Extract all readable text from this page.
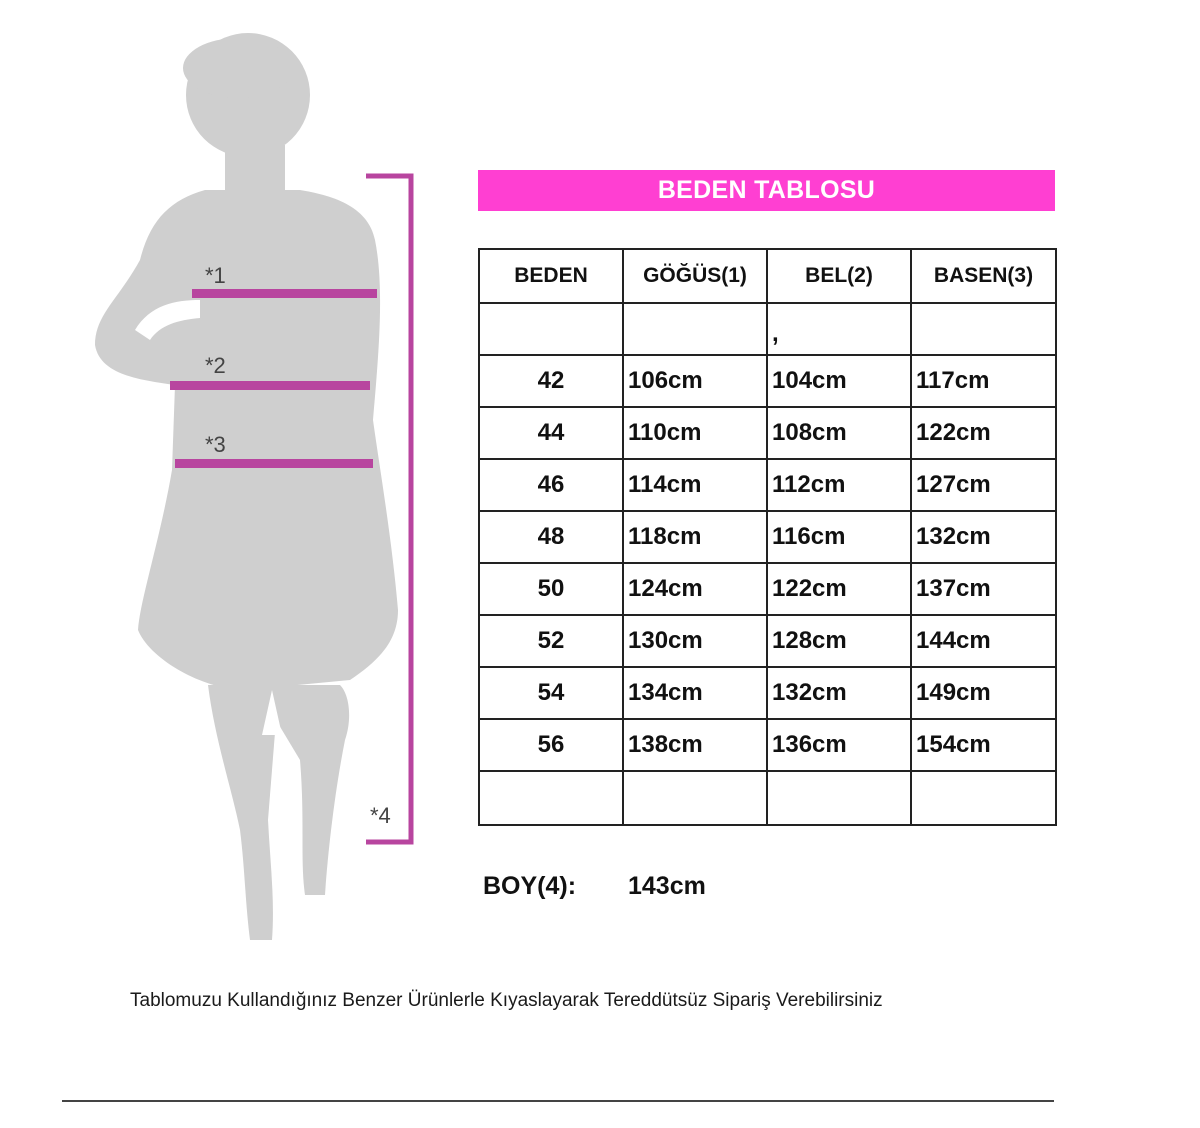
*1
*2
*3
*4
BEDEN TABLOSU
BEDEN	GÖĞÜS(1)	BEL(2)	BASEN(3)

		,	

42	106cm	104cm	117cm
44	110cm	108cm	122cm
46	114cm	112cm	127cm
48	118cm	116cm	132cm
50	124cm	122cm	137cm
52	130cm	128cm	144cm
54	134cm	132cm	149cm
56	138cm	136cm	154cm

BOY(4): 143cm
Tablomuzu Kullandığınız Benzer Ürünlerle Kıyaslayarak Tereddütsüz Sipariş Verebilirsiniz
